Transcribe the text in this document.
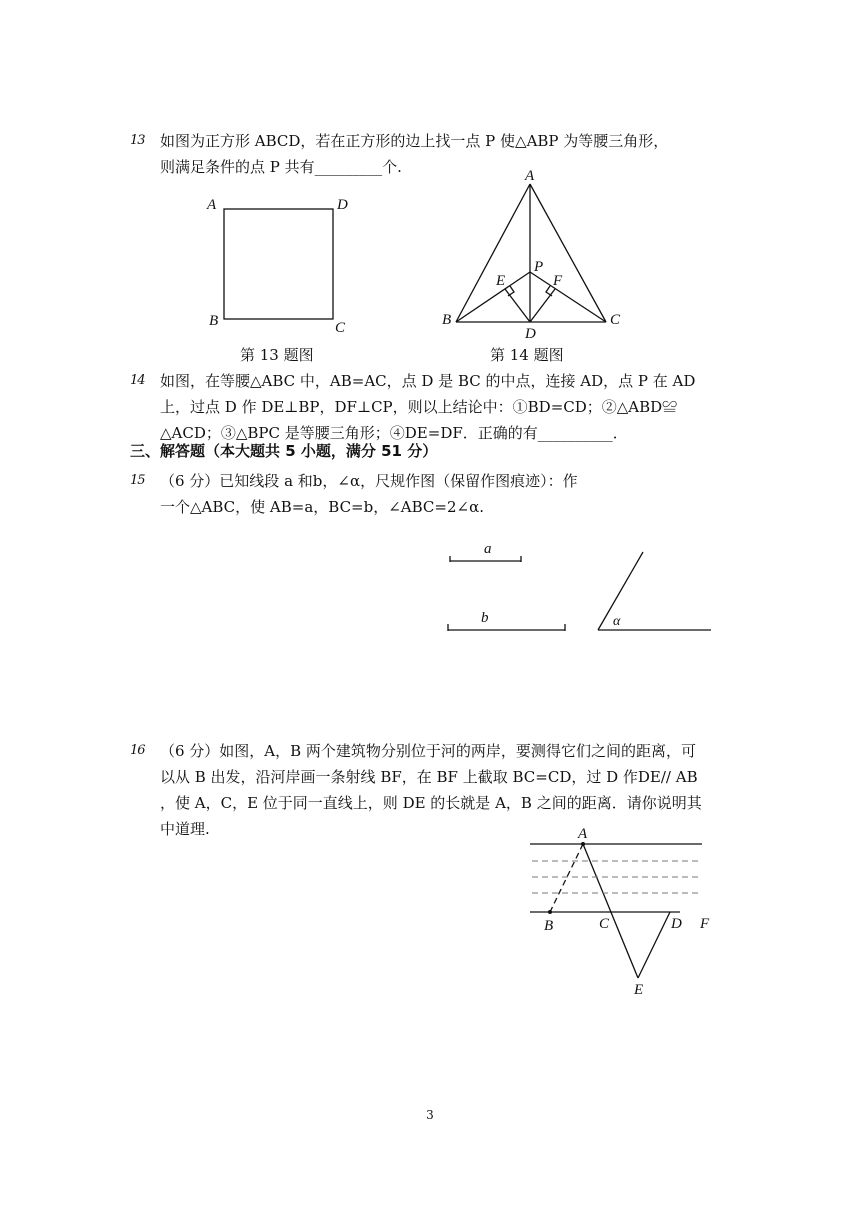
13	如图为正方形 ABCD，若在正方形的边上找一点 P 使△ABP 为等腰三角形，
则满足条件的点 P 共有_________个.
A	D
B	C
第 13 题图
A
B	C
D
E	F
P
第 14 题图
14	如图，在等腰△ABC 中，AB=AC，点 D 是 BC 的中点，连接 AD，点 P 在 AD
上，过点 D 作 DE⊥BP，DF⊥CP，则以上结论中：①BD=CD；②△ABD≌
△ACD；③△BPC 是等腰三角形；④DE=DF．正确的有__________．
三、解答题（本大题共 5 小题，满分 51 分）
15	（6 分）已知线段 a 和b，∠α，尺规作图（保留作图痕迹）：作
一个△ABC，使 AB=a，BC=b，∠ABC=2∠α.
a
b	α
16	（6 分）如图，A，B 两个建筑物分别位于河的两岸，要测得它们之间的距离，可
以从 B 出发，沿河岸画一条射线 BF，在 BF 上截取 BC=CD，过 D 作DE// AB
，使 A，C，E 位于同一直线上，则 DE 的长就是 A，B 之间的距离．请你说明其
中道理.	A
B	C	D F
E
3
